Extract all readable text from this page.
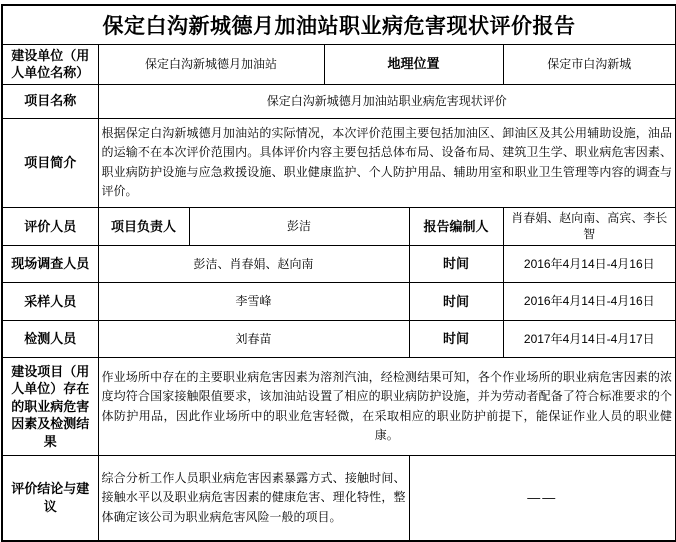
保定白沟新城德月加油站职业病危害现状评价报告					
建设单位（用人单位名称）	保定白沟新城德月加油站		地理位置		保定市白沟新城
项目名称	保定白沟新城德月加油站职业病危害现状评价				
项目简介	根据保定白沟新城德月加油站的实际情况，本次评价范围主要包括加油区、卸油区及其公用辅助设施，油品的运输不在本次评价范围内。具体评价内容主要包括总体布局、设备布局、建筑卫生学、职业病危害因素、职业病防护设施与应急救援设施、职业健康监护、个人防护用品、辅助用室和职业卫生管理等内容的调查与评价。				
评价人员	项目负责人	彭洁		报告编制人	肖春娟、赵向南、高宾、李长智
现场调查人员	彭洁、肖春娟、赵向南			时间	2016年4月14日-4月16日
采样人员	李雪峰			时间	2016年4月14日-4月16日
检测人员	刘春苗			时间	2017年4月14日-4月17日
建设项目（用人单位）存在的职业病危害因素及检测结果	作业场所中存在的主要职业病危害因素为溶剂汽油，经检测结果可知，各个作业场所的职业病危害因素的浓度均符合国家接触限值要求，该加油站设置了相应的职业病防护设施，并为劳动者配备了符合标准要求的个体防护用品，因此作业场所中的职业危害轻微，在采取相应的职业防护前提下，能保证作业人员的职业健康。				
评价结论与建议	综合分析工作人员职业病危害因素暴露方式、接触时间、接触水平以及职业病危害因素的健康危害、理化特性，整体确定该公司为职业病危害风险一般的项目。			——	
